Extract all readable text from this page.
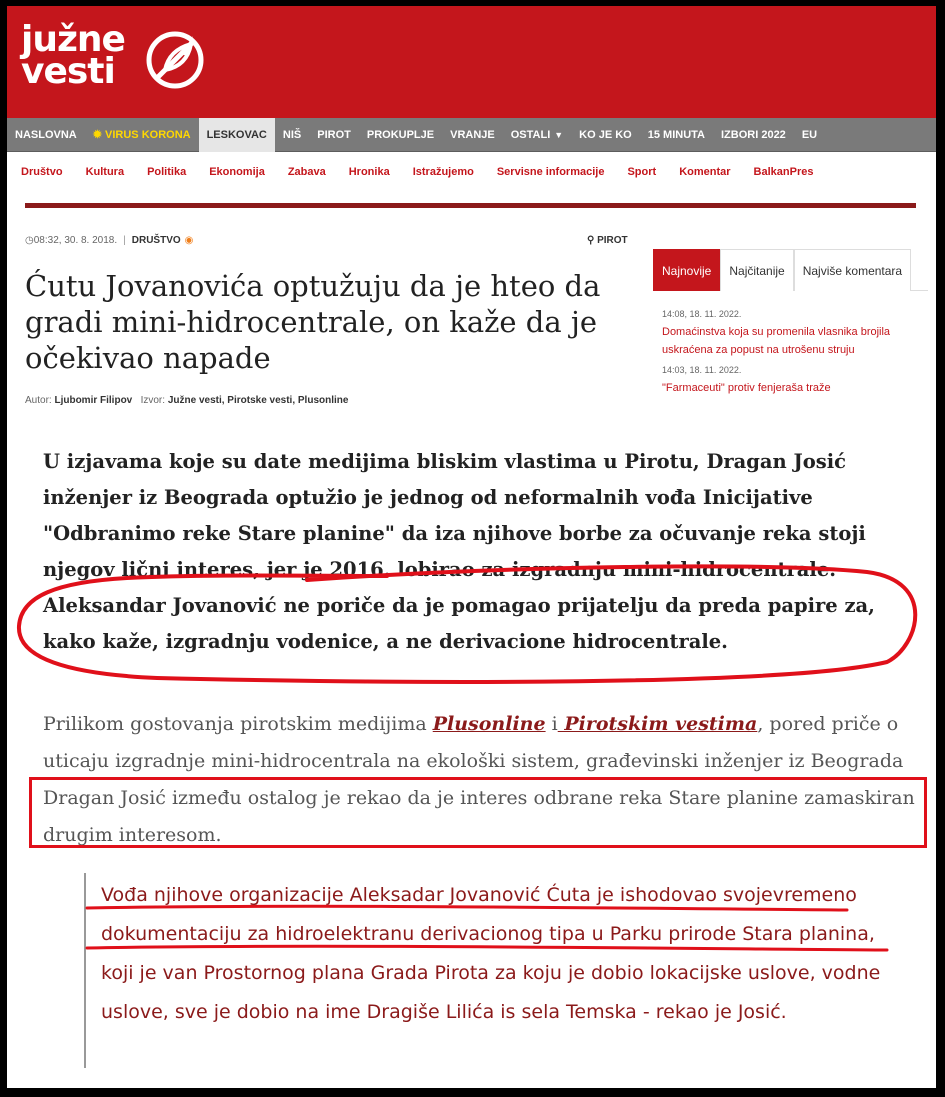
južne
vesti
NASLOVNA	✹ VIRUS KORONA	LESKOVAC	NIŠ	PIROT	PROKUPLJE	VRANJE	OSTALI ▼	KO JE KO	15 MINUTA	IZBORI 2022	EU
Društvo Kultura Politika Ekonomija Zabava Hronika Istražujemo Servisne informacije Sport Komentar BalkanPres
◷ 08:32, 30. 8. 2018. | DRUŠTVO ◉	⚲ PIROT
Ćutu Jovanovića optužuju da je hteo da gradi mini-hidrocentrale, on kaže da je očekivao napade
Autor: Ljubomir Filipov Izvor: Južne vesti, Pirotske vesti, Plusonline
Najnovije	Najčitanije	Najviše komentara
14:08, 18. 11. 2022.
Domaćinstva koja su promenila vlasnika brojila uskraćena za popust na utrošenu struju
14:03, 18. 11. 2022.
"Farmaceuti" protiv fenjeraša traže
U izjavama koje su date medijima bliskim vlastima u Pirotu, Dragan Josić inženjer iz Beograda optužio je jednog od neformalnih vođa Inicijative "Odbranimo reke Stare planine" da iza njihove borbe za očuvanje reka stoji njegov lični interes, jer je 2016. lobirao za izgradnju mini-hidrocentrale. Aleksandar Jovanović ne poriče da je pomagao prijatelju da preda papire za, kako kaže, izgradnju vodenice, a ne derivacione hidrocentrale.
Prilikom gostovanja pirotskim medijima Plusonline i Pirotskim vestima, pored priče o uticaju izgradnje mini-hidrocentrala na ekološki sistem, građevinski inženjer iz Beograda Dragan Josić između ostalog je rekao da je interes odbrane reka Stare planine zamaskiran drugim interesom.
Vođa njihove organizacije Aleksadar Jovanović Ćuta je ishodovao svojevremeno dokumentaciju za hidroelektranu derivacionog tipa u Parku prirode Stara planina, koji je van Prostornog plana Grada Pirota za koju je dobio lokacijske uslove, vodne uslove, sve je dobio na ime Dragiše Lilića is sela Temska - rekao je Josić.
